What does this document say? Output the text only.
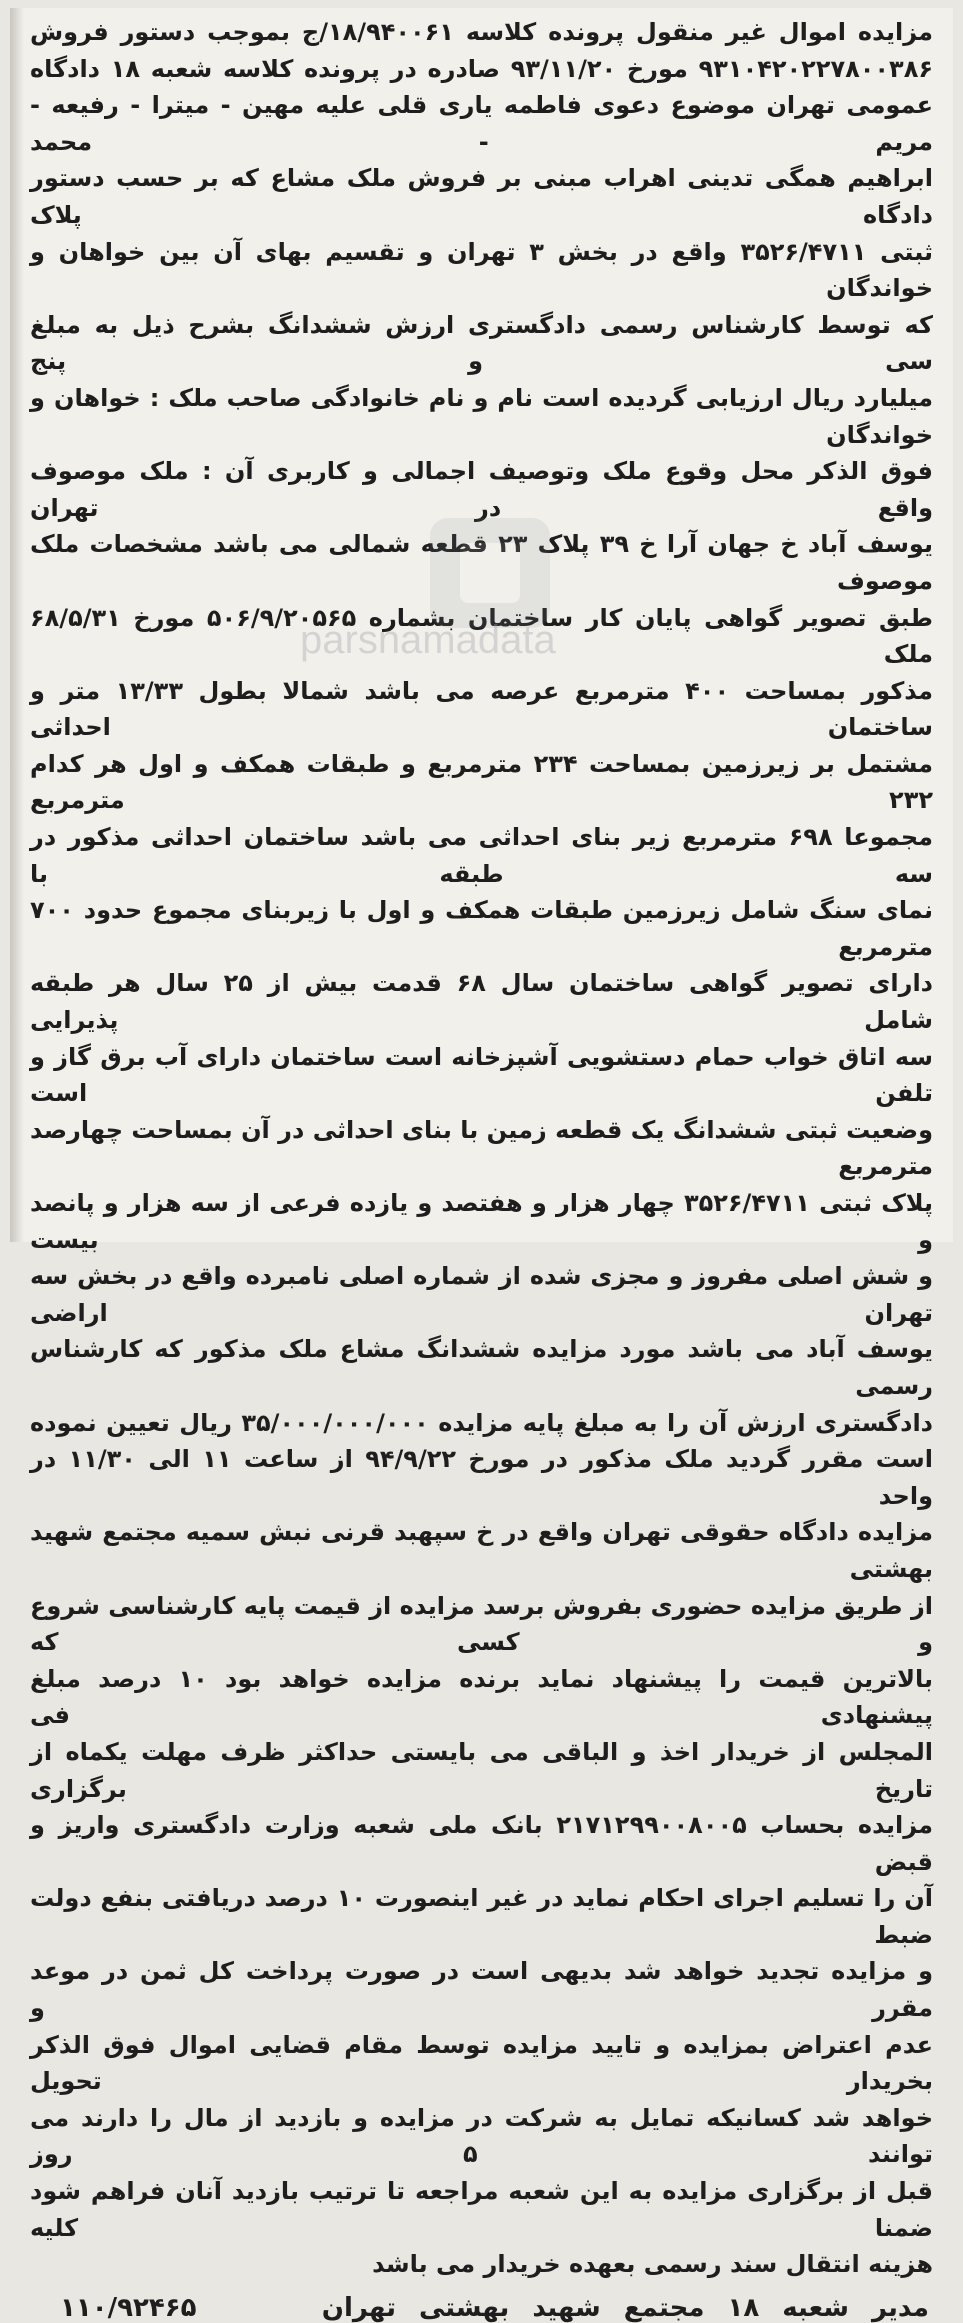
parsnamadata

مزایده اموال غیر منقول پرونده کلاسه ۱۸/۹۴۰۰۶۱/ج بموجب دستور فروش

۹۳۱۰۴۲۰۲۲۷۸۰۰۳۸۶ مورخ ۹۳/۱۱/۲۰ صادره در پرونده کلاسه شعبه ۱۸ دادگاه

عمومی تهران موضوع دعوی فاطمه یاری قلی علیه مهین - میترا - رفیعه - مریم - محمد

ابراهیم همگی تدینی اهراب مبنی بر فروش ملک مشاع که بر حسب دستور دادگاه پلاک

ثبتی ۳۵۲۶/۴۷۱۱ واقع در بخش ۳ تهران و تقسیم بهای آن بین خواهان و خواندگان

که توسط کارشناس رسمی دادگستری ارزش ششدانگ بشرح ذیل به مبلغ سی و پنج

میلیارد ریال ارزیابی گردیده است نام و نام خانوادگی صاحب ملک : خواهان و خواندگان

فوق الذکر محل وقوع ملک وتوصیف اجمالی و کاربری آن : ملک موصوف واقع در تهران

یوسف آباد خ جهان آرا خ ۳۹ پلاک ۲۳ قطعه شمالی می باشد مشخصات ملک موصوف

طبق تصویر گواهی پایان کار ساختمان بشماره ۵۰۶/۹/۲۰۵۶۵ مورخ ۶۸/۵/۳۱ ملک

مذکور بمساحت ۴۰۰ مترمربع عرصه می باشد شمالا بطول ۱۳/۳۳ متر و ساختمان احداثی

مشتمل بر زیرزمین بمساحت ۲۳۴ مترمربع و طبقات همکف و اول هر کدام ۲۳۲ مترمربع

مجموعا ۶۹۸ مترمربع زیر بنای احداثی می باشد ساختمان احداثی مذکور در سه طبقه با

نمای سنگ شامل زیرزمین طبقات همکف و اول با زیربنای مجموع حدود ۷۰۰ مترمربع

دارای تصویر گواهی ساختمان سال ۶۸ قدمت بیش از ۲۵ سال هر طبقه شامل پذیرایی

سه اتاق خواب حمام دستشویی آشپزخانه است ساختمان دارای آب برق گاز و تلفن است

وضعیت ثبتی ششدانگ یک قطعه زمین با بنای احداثی در آن بمساحت چهارصد مترمربع

پلاک ثبتی ۳۵۲۶/۴۷۱۱ چهار هزار و هفتصد و یازده فرعی از سه هزار و پانصد و بیست

و شش اصلی مفروز و مجزی شده از شماره اصلی نامبرده واقع در بخش سه تهران اراضی

یوسف آباد می باشد مورد مزایده ششدانگ مشاع ملک مذکور که کارشناس رسمی

دادگستری ارزش آن را به مبلغ پایه مزایده ۳۵/۰۰۰/۰۰۰/۰۰۰ ریال تعیین نموده

است مقرر گردید ملک مذکور در مورخ ۹۴/۹/۲۲ از ساعت ۱۱ الی ۱۱/۳۰ در واحد

مزایده دادگاه حقوقی تهران واقع در خ سپهبد قرنی نبش سمیه مجتمع شهید بهشتی

از طریق مزایده حضوری بفروش برسد مزایده از قیمت پایه کارشناسی شروع و کسی که

بالاترین قیمت را پیشنهاد نماید برنده مزایده خواهد بود ۱۰ درصد مبلغ پیشنهادی فی

المجلس از خریدار اخذ و الباقی می بایستی حداکثر ظرف مهلت یکماه از تاریخ برگزاری

مزایده بحساب ۲۱۷۱۲۹۹۰۰۸۰۰۵ بانک ملی شعبه وزارت دادگستری واریز و قبض

آن را تسلیم اجرای احکام نماید در غیر اینصورت ۱۰ درصد دریافتی بنفع دولت ضبط

و مزایده تجدید خواهد شد بدیهی است در صورت پرداخت کل ثمن در موعد مقرر و

عدم اعتراض بمزایده و تایید مزایده توسط مقام قضایی اموال فوق الذکر بخریدار تحویل

خواهد شد کسانیکه تمایل به شرکت در مزایده و بازدید از مال را دارند می توانند ۵ روز

قبل از برگزاری مزایده به این شعبه مراجعه تا ترتیب بازدید آنان فراهم شود ضمنا کلیه

هزینه انتقال سند رسمی بعهده خریدار می باشد

مدیر شعبه ۱۸ مجتمع شهید بهشتی تهران
۱۱۰/۹۲۴۶۵
